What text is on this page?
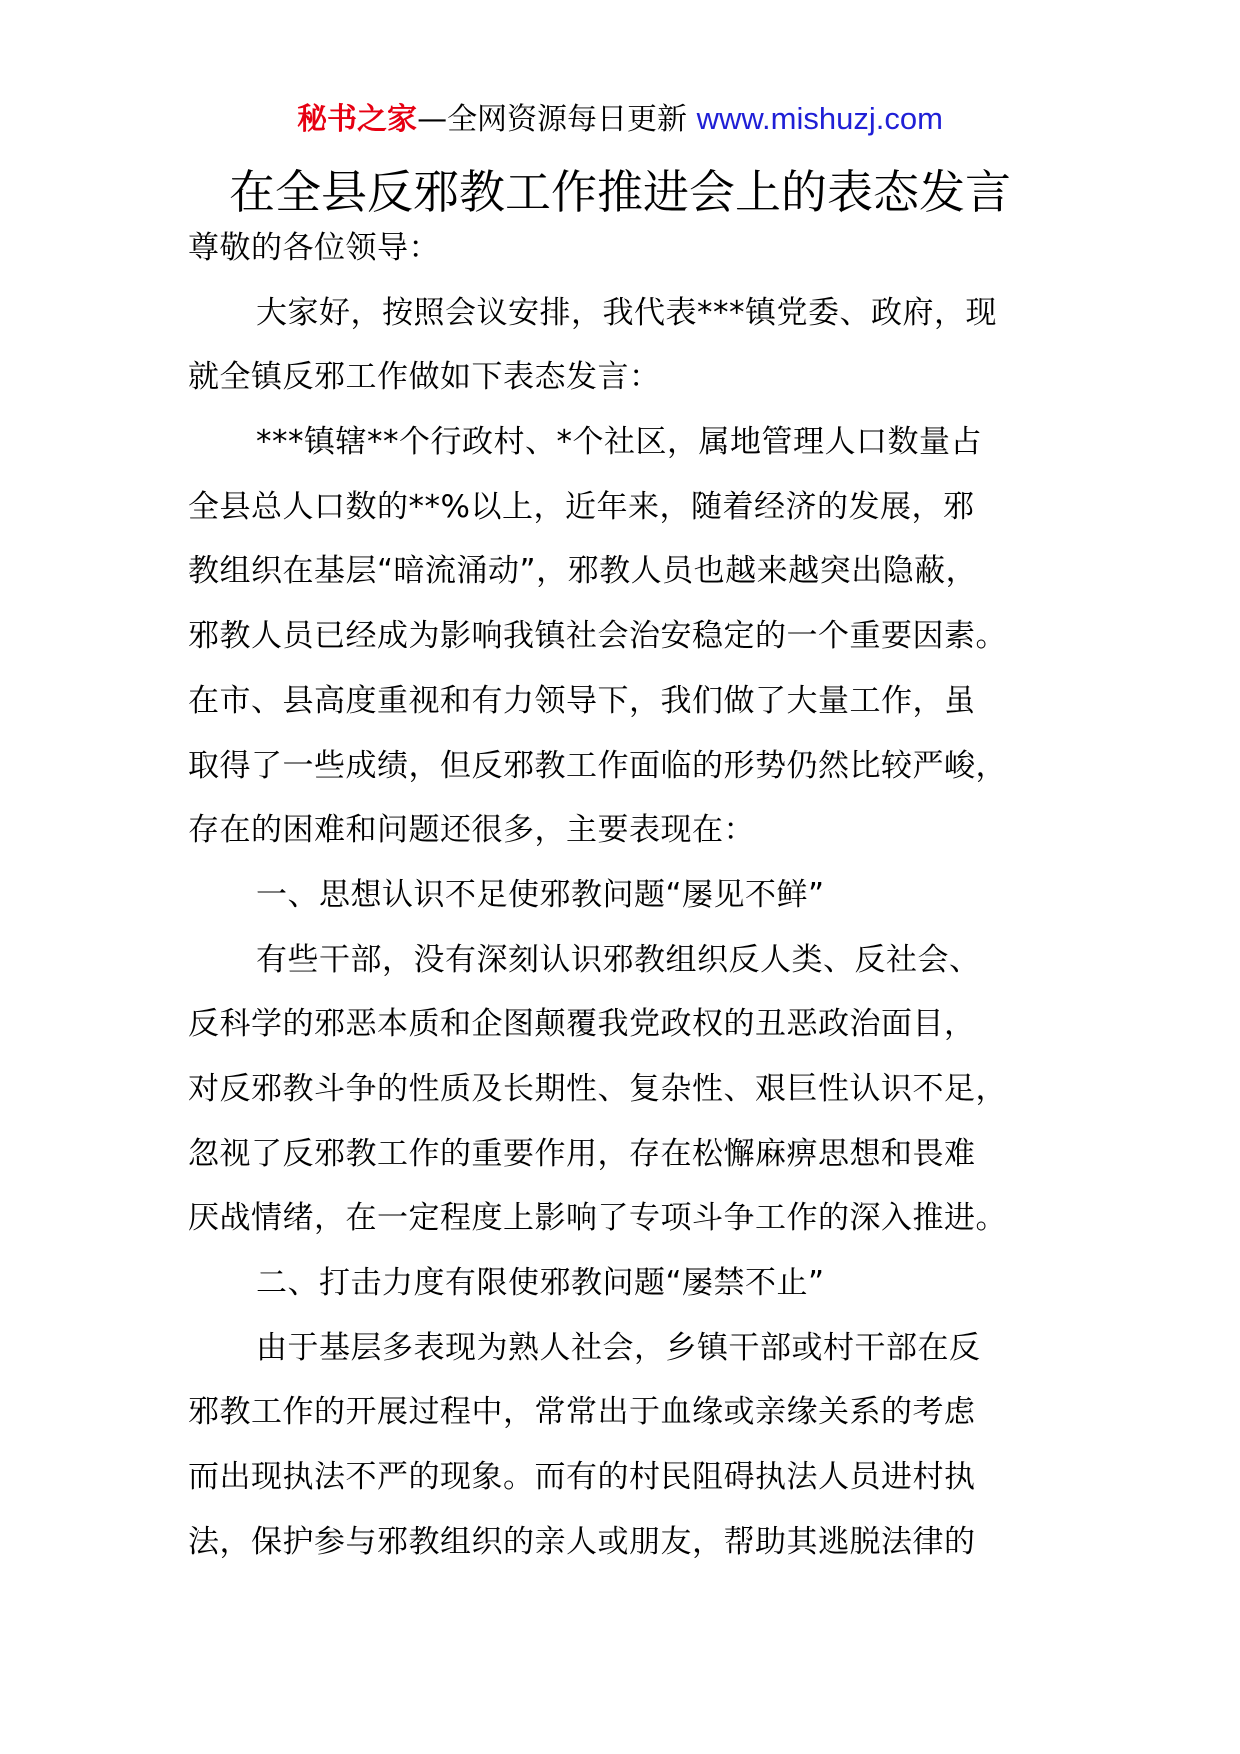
秘书之家—全网资源每日更新 www.mishuzj.com
在全县反邪教工作推进会上的表态发言
尊敬的各位领导：
大家好，按照会议安排，我代表***镇党委、政府，现
就全镇反邪工作做如下表态发言：
***镇辖**个行政村、*个社区，属地管理人口数量占
全县总人口数的**%以上，近年来，随着经济的发展，邪
教组织在基层“暗流涌动”，邪教人员也越来越突出隐蔽，
邪教人员已经成为影响我镇社会治安稳定的一个重要因素。
在市、县高度重视和有力领导下，我们做了大量工作，虽
取得了一些成绩，但反邪教工作面临的形势仍然比较严峻，
存在的困难和问题还很多，主要表现在：
一、思想认识不足使邪教问题“屡见不鲜”
有些干部，没有深刻认识邪教组织反人类、反社会、
反科学的邪恶本质和企图颠覆我党政权的丑恶政治面目，
对反邪教斗争的性质及长期性、复杂性、艰巨性认识不足，
忽视了反邪教工作的重要作用，存在松懈麻痹思想和畏难
厌战情绪，在一定程度上影响了专项斗争工作的深入推进。
二、打击力度有限使邪教问题“屡禁不止”
由于基层多表现为熟人社会，乡镇干部或村干部在反
邪教工作的开展过程中，常常出于血缘或亲缘关系的考虑
而出现执法不严的现象。而有的村民阻碍执法人员进村执
法，保护参与邪教组织的亲人或朋友，帮助其逃脱法律的
